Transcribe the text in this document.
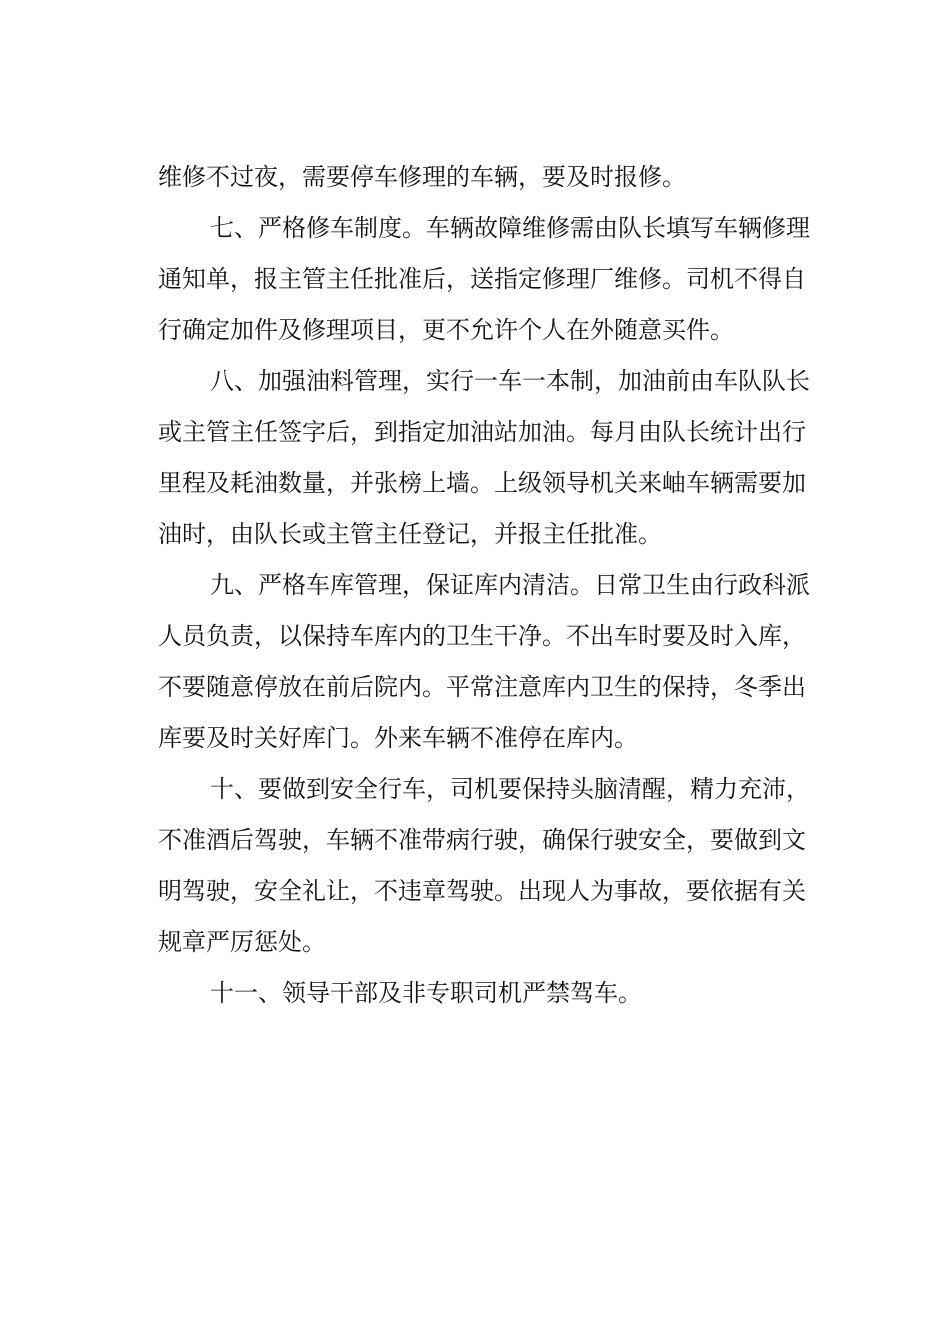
维修不过夜，需要停车修理的车辆，要及时报修。
七、严格修车制度。车辆故障维修需由队长填写车辆修理
通知单，报主管主任批准后，送指定修理厂维修。司机不得自
行确定加件及修理项目，更不允许个人在外随意买件。
八、加强油料管理，实行一车一本制，加油前由车队队长
或主管主任签字后，到指定加油站加油。每月由队长统计出行
里程及耗油数量，并张榜上墙。上级领导机关来岫车辆需要加
油时，由队长或主管主任登记，并报主任批准。
九、严格车库管理，保证库内清洁。日常卫生由行政科派
人员负责，以保持车库内的卫生干净。不出车时要及时入库，
不要随意停放在前后院内。平常注意库内卫生的保持，冬季出
库要及时关好库门。外来车辆不准停在库内。
十、要做到安全行车，司机要保持头脑清醒，精力充沛，
不准酒后驾驶，车辆不准带病行驶，确保行驶安全，要做到文
明驾驶，安全礼让，不违章驾驶。出现人为事故，要依据有关
规章严厉惩处。
十一、领导干部及非专职司机严禁驾车。
